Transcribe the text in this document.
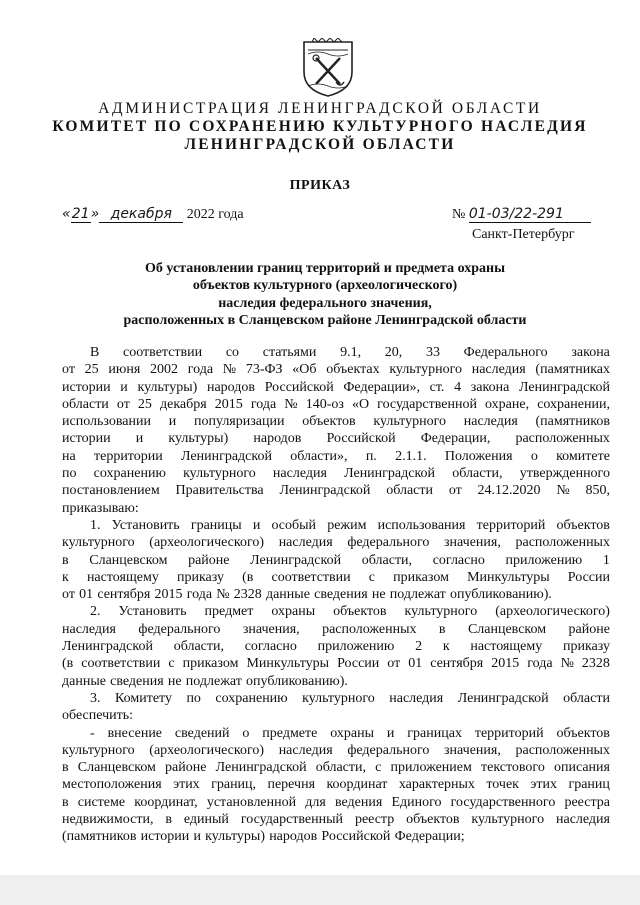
АДМИНИСТРАЦИЯ ЛЕНИНГРАДСКОЙ ОБЛАСТИ
КОМИТЕТ ПО СОХРАНЕНИЮ КУЛЬТУРНОГО НАСЛЕДИЯ
ЛЕНИНГРАДСКОЙ ОБЛАСТИ
ПРИКАЗ
«21» декабря 2022 года	№ 01-03/22-291
Санкт-Петербург
Об установлении границ территорий и предмета охраны
объектов культурного (археологического)
наследия федерального значения,
расположенных в Сланцевском районе Ленинградской области
В соответствии со статьями 9.1, 20, 33 Федерального закона
от 25 июня 2002 года № 73-ФЗ «Об объектах культурного наследия (памятниках
истории и культуры) народов Российской Федерации», ст. 4 закона Ленинградской
области от 25 декабря 2015 года № 140-оз «О государственной охране, сохранении,
использовании и популяризации объектов культурного наследия (памятников
истории и культуры) народов Российской Федерации, расположенных
на территории Ленинградской области», п. 2.1.1. Положения о комитете
по сохранению культурного наследия Ленинградской области, утвержденного
постановлением Правительства Ленинградской области от 24.12.2020 № 850,
приказываю:
1. Установить границы и особый режим использования территорий объектов
культурного (археологического) наследия федерального значения, расположенных
в Сланцевском районе Ленинградской области, согласно приложению 1
к настоящему приказу (в соответствии с приказом Минкультуры России
от 01 сентября 2015 года № 2328 данные сведения не подлежат опубликованию).
2. Установить предмет охраны объектов культурного (археологического)
наследия федерального значения, расположенных в Сланцевском районе
Ленинградской области, согласно приложению 2 к настоящему приказу
(в соответствии с приказом Минкультуры России от 01 сентября 2015 года № 2328
данные сведения не подлежат опубликованию).
3. Комитету по сохранению культурного наследия Ленинградской области
обеспечить:
- внесение сведений о предмете охраны и границах территорий объектов
культурного (археологического) наследия федерального значения, расположенных
в Сланцевском районе Ленинградской области, с приложением текстового описания
местоположения этих границ, перечня координат характерных точек этих границ
в системе координат, установленной для ведения Единого государственного реестра
недвижимости, в единый государственный реестр объектов культурного наследия
(памятников истории и культуры) народов Российской Федерации;
